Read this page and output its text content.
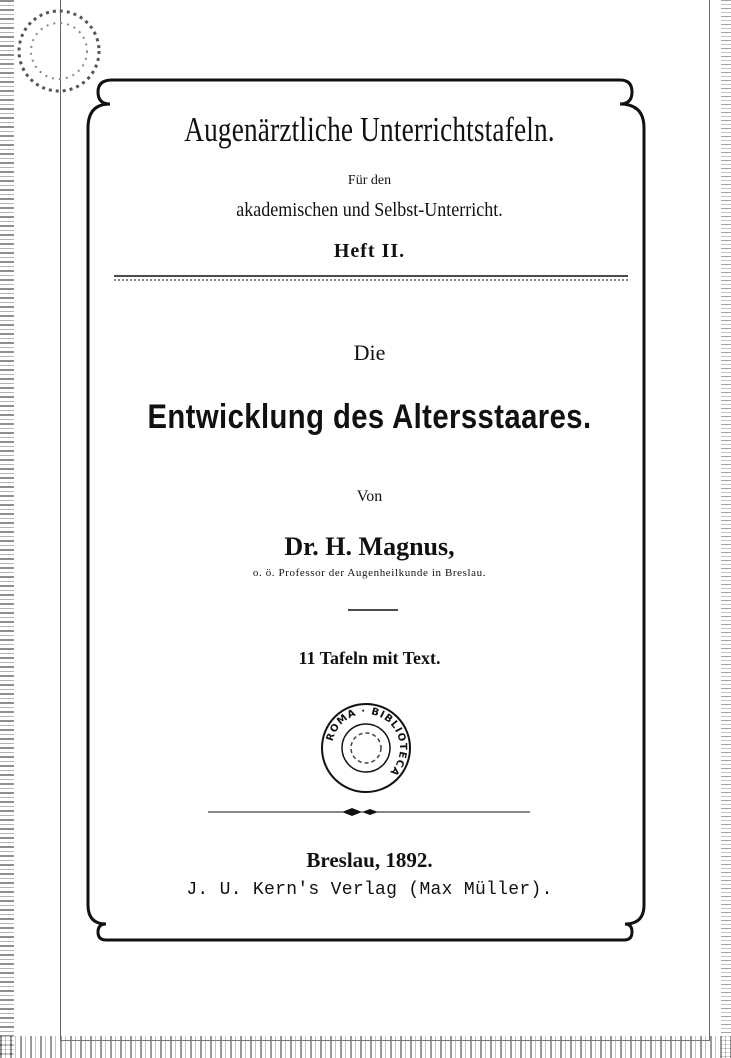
Augenärztliche Unterrichtstafeln.
Für den
akademischen und Selbst-Unterricht.
Heft II.
Die
Entwicklung des Altersstaares.
Von
Dr. H. Magnus,
o. ö. Professor der Augenheilkunde in Breslau.
11 Tafeln mit Text.
ROMA · BIBLIOTECA
Breslau, 1892.
J. U. Kern's Verlag (Max Müller).
